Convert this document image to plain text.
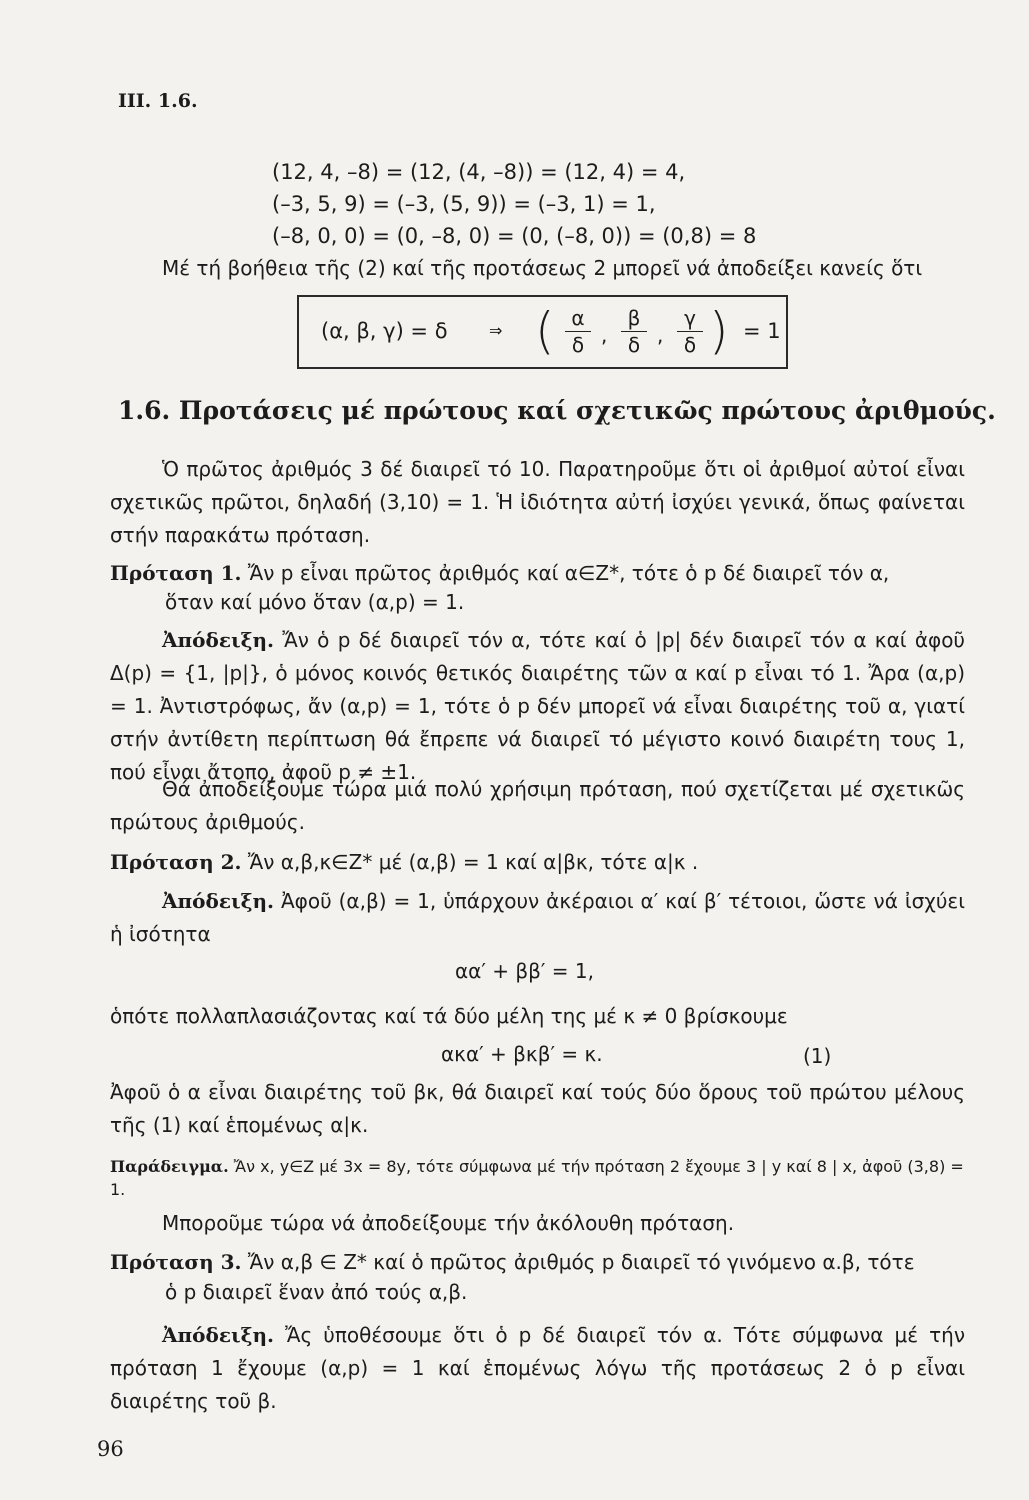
ΙΙΙ. 1.6.
(12, 4, –8) = (12, (4, –8)) = (12, 4) = 4,
(–3, 5, 9) = (–3, (5, 9)) = (–3, 1) = 1,
(–8, 0, 0) = (0, –8, 0) = (0, (–8, 0)) = (0,8) = 8

Μέ τή βοήθεια τῆς (2) καί τῆς προτάσεως 2 μπορεῖ νά ἀποδείξει κανείς ὅτι

(α, β, γ) = δ	⇒ ( $\frac{\alpha}{\delta}$ , $\frac{\beta}{\delta}$ , $\frac{\gamma}{\delta}$ ) = 1
1.6. Προτάσεις μέ πρώτους καί σχετικῶς πρώτους ἀριθμούς.

Ὁ πρῶτος ἀριθμός 3 δέ διαιρεῖ τό 10. Παρατηροῦμε ὅτι οἱ ἀριθμοί αὐτοί εἶναι σχετικῶς πρῶτοι, δηλαδή (3,10) = 1. Ἡ ἰδιότητα αὐτή ἰσχύει γενικά, ὅπως φαίνεται στήν παρακάτω πρόταση.

Πρόταση 1. Ἄν p εἶναι πρῶτος ἀριθμός καί α∈Ζ*, τότε ὁ p δέ διαιρεῖ τόν α,

ὅταν καί μόνο ὅταν (α,p) = 1.

Ἀπόδειξη. Ἄν ὁ p δέ διαιρεῖ τόν α, τότε καί ὁ |p| δέν διαιρεῖ τόν α καί ἀφοῦ Δ(p) = {1, |p|}, ὁ μόνος κοινός θετικός διαιρέτης τῶν α καί p εἶναι τό 1. Ἄρα (α,p) = 1. Ἀντιστρόφως, ἄν (α,p) = 1, τότε ὁ p δέν μπορεῖ νά εἶναι διαιρέτης τοῦ α, γιατί στήν ἀντίθετη περίπτωση θά ἔπρεπε νά διαιρεῖ τό μέγιστο κοινό διαιρέτη τους 1, πού εἶναι ἄτοπο, ἀφοῦ p ≠ ±1.

Θά ἀποδείξουμε τώρα μιά πολύ χρήσιμη πρόταση, πού σχετίζεται μέ σχετικῶς πρώτους ἀριθμούς.

Πρόταση 2. Ἄν α,β,κ∈Ζ* μέ (α,β) = 1 καί α|βκ, τότε α|κ .

Ἀπόδειξη. Ἀφοῦ (α,β) = 1, ὑπάρχουν ἀκέραιοι α′ καί β′ τέτοιοι, ὥστε νά ἰσχύει ἡ ἰσότητα

αα′ + ββ′ = 1,

ὁπότε πολλαπλασιάζοντας καί τά δύο μέλη της μέ κ ≠ 0 βρίσκουμε

ακα′ + βκβ′ = κ.	(1)

Ἀφοῦ ὁ α εἶναι διαιρέτης τοῦ βκ, θά διαιρεῖ καί τούς δύο ὅρους τοῦ πρώτου μέλους τῆς (1) καί ἑπομένως α|κ.

Παράδειγμα. Ἄν x, y∈Ζ μέ 3x = 8y, τότε σύμφωνα μέ τήν πρόταση 2 ἔχουμε 3 | y καί 8 | x, ἀφοῦ (3,8) = 1.

Μποροῦμε τώρα νά ἀποδείξουμε τήν ἀκόλουθη πρόταση.

Πρόταση 3. Ἄν α,β ∈ Ζ* καί ὁ πρῶτος ἀριθμός p διαιρεῖ τό γινόμενο α.β, τότε

ὁ p διαιρεῖ ἕναν ἀπό τούς α,β.

Ἀπόδειξη. Ἄς ὑποθέσουμε ὅτι ὁ p δέ διαιρεῖ τόν α. Τότε σύμφωνα μέ τήν πρόταση 1 ἔχουμε (α,p) = 1 καί ἑπομένως λόγω τῆς προτάσεως 2 ὁ p εἶναι διαιρέτης τοῦ β.

96
